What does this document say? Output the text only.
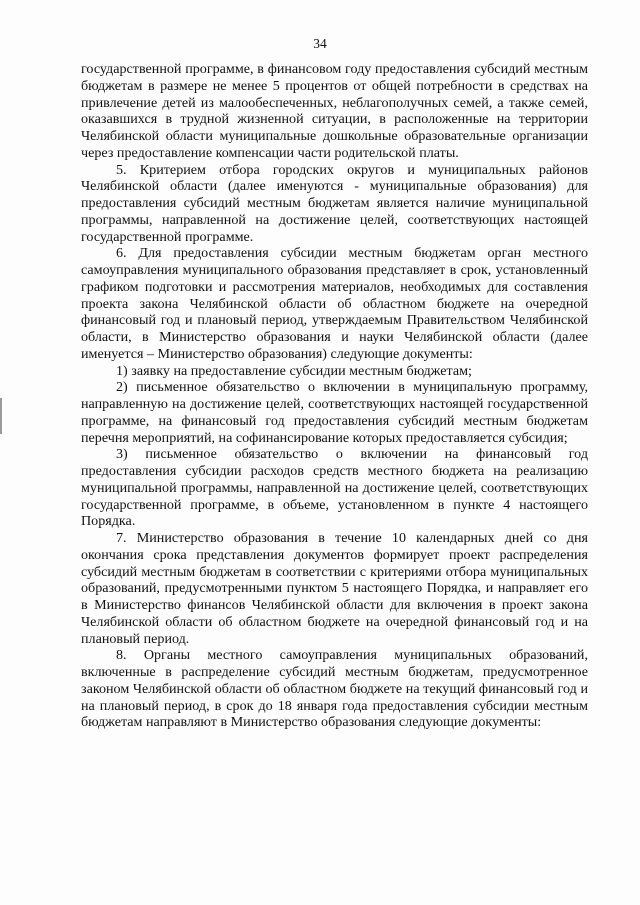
34

государственной программе, в финансовом году предоставления субсидий местным бюджетам в размере не менее 5 процентов от общей потребности в средствах на привлечение детей из малообеспеченных, неблагополучных семей, а также семей, оказавшихся в трудной жизненной ситуации, в расположенные на территории Челябинской области муниципальные дошкольные образовательные организации через предоставление компенсации части родительской платы.

5. Критерием отбора городских округов и муниципальных районов Челябинской области (далее именуются - муниципальные образования) для предоставления субсидий местным бюджетам является наличие муниципальной программы, направленной на достижение целей, соответствующих настоящей государственной программе.

6. Для предоставления субсидии местным бюджетам орган местного самоуправления муниципального образования представляет в срок, установленный графиком подготовки и рассмотрения материалов, необходимых для составления проекта закона Челябинской области об областном бюджете на очередной финансовый год и плановый период, утверждаемым Правительством Челябинской области, в Министерство образования и науки Челябинской области (далее именуется – Министерство образования) следующие документы:

1) заявку на предоставление субсидии местным бюджетам;

2) письменное обязательство о включении в муниципальную программу, направленную на достижение целей, соответствующих настоящей государственной программе, на финансовый год предоставления субсидий местным бюджетам перечня мероприятий, на софинансирование которых предоставляется субсидия;

3) письменное обязательство о включении на финансовый год предоставления субсидии расходов средств местного бюджета на реализацию муниципальной программы, направленной на достижение целей, соответствующих государственной программе, в объеме, установленном в пункте 4 настоящего Порядка.

7. Министерство образования в течение 10 календарных дней со дня окончания срока представления документов формирует проект распределения субсидий местным бюджетам в соответствии с критериями отбора муниципальных образований, предусмотренными пунктом 5 настоящего Порядка, и направляет его в Министерство финансов Челябинской области для включения в проект закона Челябинской области об областном бюджете на очередной финансовый год и на плановый период.

8. Органы местного самоуправления муниципальных образований, включенные в распределение субсидий местным бюджетам, предусмотренное законом Челябинской области об областном бюджете на текущий финансовый год и на плановый период, в срок до 18 января года предоставления субсидии местным бюджетам направляют в Министерство образования следующие документы:
